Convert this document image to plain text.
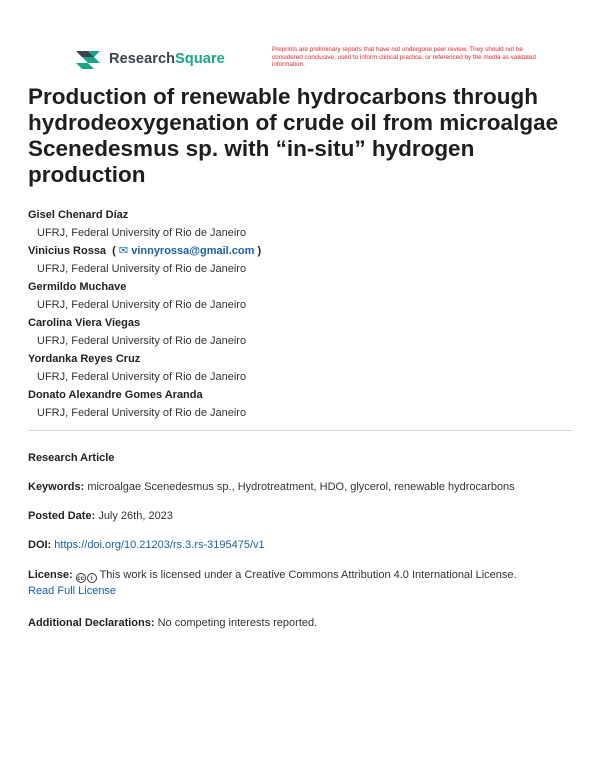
ResearchSquare
Preprints are preliminary reports that have not undergone peer review. They should not be considered conclusive, used to inform clinical practice, or referenced by the media as validated information.
Production of renewable hydrocarbons through hydrodeoxygenation of crude oil from microalgae Scenedesmus sp. with “in-situ” hydrogen production
Gisel Chenard Díaz
UFRJ, Federal University of Rio de Janeiro
Vinicius Rossa  ( ✉ vinnyrossa@gmail.com )
UFRJ, Federal University of Rio de Janeiro
Germildo Muchave
UFRJ, Federal University of Rio de Janeiro
Carolina Viera Viegas
UFRJ, Federal University of Rio de Janeiro
Yordanka Reyes Cruz
UFRJ, Federal University of Rio de Janeiro
Donato Alexandre Gomes Aranda
UFRJ, Federal University of Rio de Janeiro
Research Article
Keywords: microalgae Scenedesmus sp., Hydrotreatment, HDO, glycerol, renewable hydrocarbons
Posted Date: July 26th, 2023
DOI: https://doi.org/10.21203/rs.3.rs-3195475/v1
License: cc	i This work is licensed under a Creative Commons Attribution 4.0 International License.
Read Full License
Additional Declarations: No competing interests reported.
